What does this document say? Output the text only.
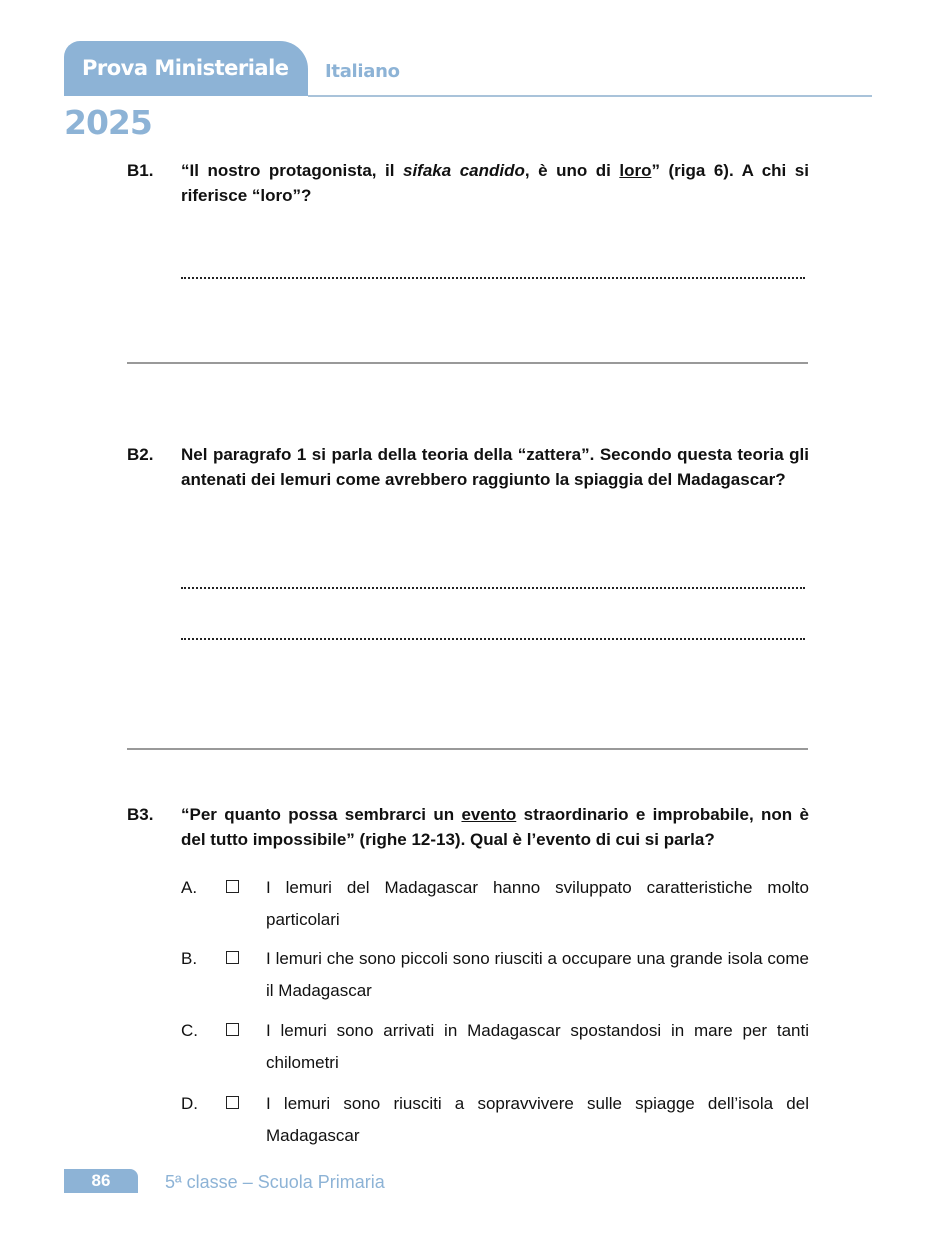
Prova Ministeriale Italiano
2025
B1. “Il nostro protagonista, il sifaka candido, è uno di loro” (riga 6). A chi si riferisce “loro”?
B2. Nel paragrafo 1 si parla della teoria della “zattera”. Secondo questa teoria gli antenati dei lemuri come avrebbero raggiunto la spiaggia del Madagascar?
B3. “Per quanto possa sembrarci un evento straordinario e improbabile, non è del tutto impossibile” (righe 12-13). Qual è l’evento di cui si parla?
A.	I lemuri del Madagascar hanno sviluppato caratteristiche molto particolari
B.	I lemuri che sono piccoli sono riusciti a occupare una grande isola come il Madagascar
C.	I lemuri sono arrivati in Madagascar spostandosi in mare per tanti chilometri
D.	I lemuri sono riusciti a sopravvivere sulle spiagge dell’isola del Madagascar
86	5ª classe – Scuola Primaria
